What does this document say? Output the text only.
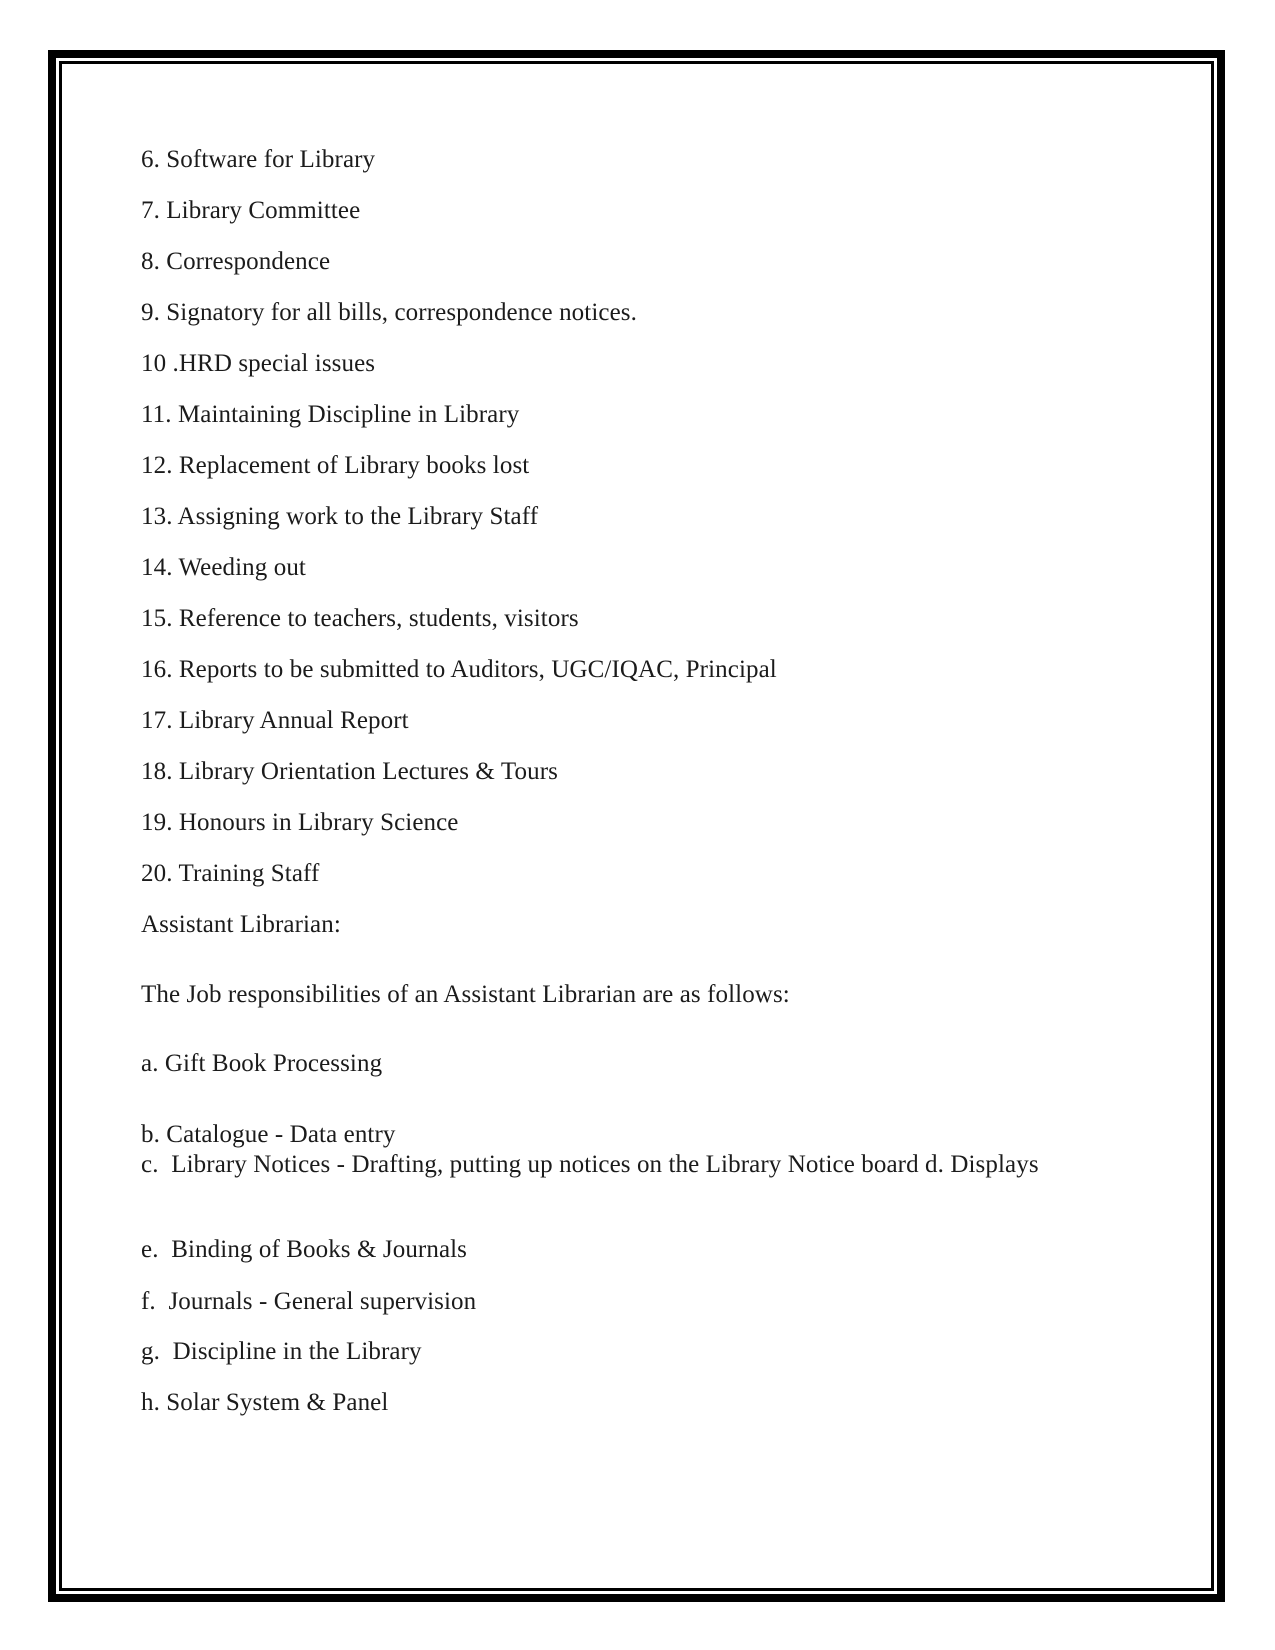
6. Software for Library

7. Library Committee

8. Correspondence

9. Signatory for all bills, correspondence notices.

10 .HRD special issues

11. Maintaining Discipline in Library

12. Replacement of Library books lost

13. Assigning work to the Library Staff

14. Weeding out

15. Reference to teachers, students, visitors

16. Reports to be submitted to Auditors, UGC/IQAC, Principal

17. Library Annual Report

18. Library Orientation Lectures & Tours

19. Honours in Library Science

20. Training Staff

Assistant Librarian:

The Job responsibilities of an Assistant Librarian are as follows:

a. Gift Book Processing

b. Catalogue - Data entry
c.  Library Notices - Drafting, putting up notices on the Library Notice board d. Displays

e.  Binding of Books & Journals

f.  Journals - General supervision

g.  Discipline in the Library

h. Solar System & Panel
